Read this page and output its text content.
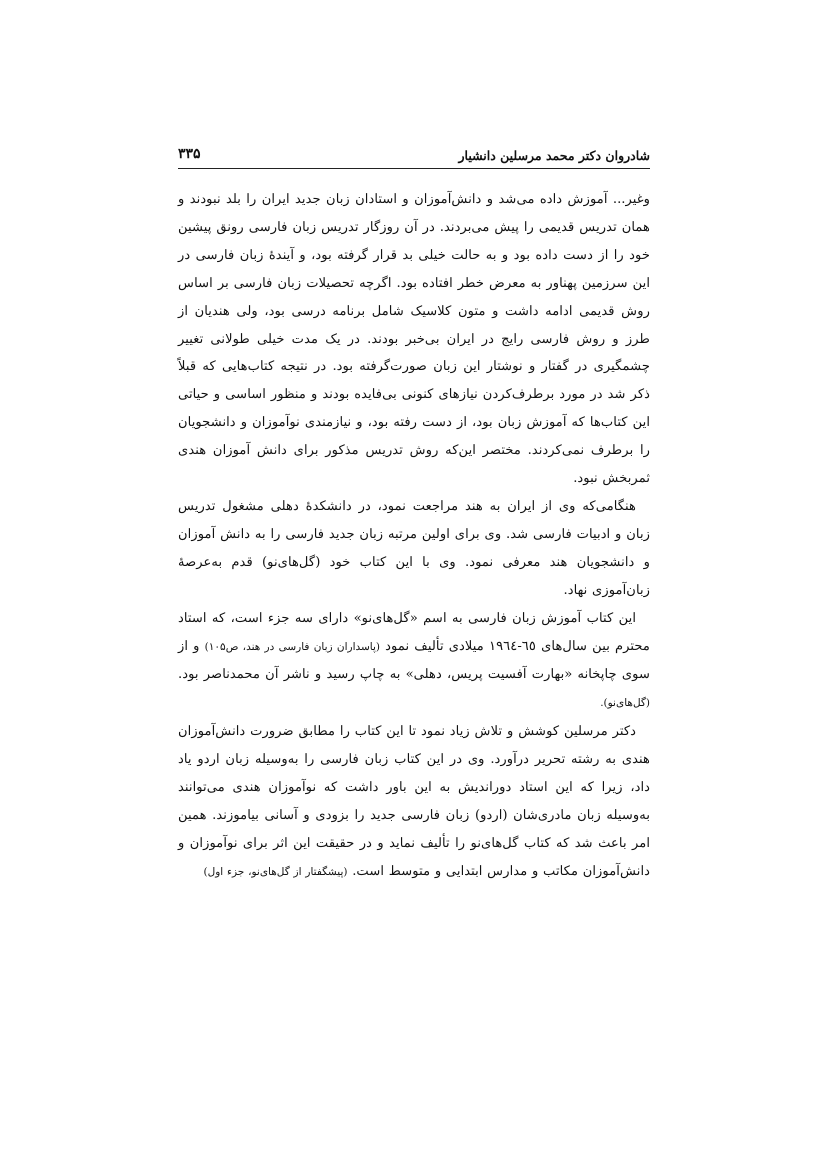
شادروان دکتر محمد مرسلین دانشیار
۳۳۵

وغیر... آموزش داده می‌شد و دانش‌آموزان و استادان زبان جدید ایران را بلد نبودند و همان تدریس قدیمی را پیش می‌بردند. در آن روزگار تدریس زبان فارسی رونق پیشین خود را از دست داده بود و به حالت خیلی بد قرار گرفته بود، و آیندهٔ زبان فارسی در این سرزمین پهناور به معرض خطر افتاده بود. اگرچه تحصیلات زبان فارسی بر اساس روش قدیمی ادامه داشت و متون کلاسیک شامل برنامه درسی بود، ولی هندیان از طرز و روش فارسی رایج در ایران بی‌خبر بودند. در یک مدت خیلی طولانی تغییر چشمگیری در گفتار و نوشتار این زبان صورت‌گرفته بود. در نتیجه کتاب‌هایی که قبلاً ذکر شد در مورد برطرف‌کردن نیازهای کنونی بی‌فایده بودند و منظور اساسی و حیاتی این کتاب‌ها که آموزش زبان بود، از دست رفته بود، و نیازمندی نوآموزان و دانشجویان را برطرف نمی‌کردند. مختصر این‌که روش تدریس مذکور برای دانش آموزان هندی ثمربخش نبود.

هنگامی‌که وی از ایران به هند مراجعت نمود، در دانشکدهٔ دهلی مشغول تدریس زبان و ادبیات فارسی شد. وی برای اولین مرتبه زبان جدید فارسی را به دانش آموزان و دانشجویان هند معرفی نمود. وی با این کتاب خود (گل‌های‌نو) قدم به‌عرصهٔ زبان‌آموزی نهاد.

این کتاب آموزش زبان فارسی به اسم «گل‌های‌نو» دارای سه جزء است، که استاد محترم بین سال‌های ٦٥-۱۹٦٤ میلادی تألیف نمود (پاسداران زبان فارسی در هند، ص۱۰۵) و از سوی چاپخانه «بهارت آفسیت پریس، دهلی» به چاپ رسید و ناشر آن محمدناصر بود. (گل‌های‌نو).

دکتر مرسلین کوشش و تلاش زیاد نمود تا این کتاب را مطابق ضرورت دانش‌آموزان هندی به رشته تحریر درآورد. وی در این کتاب زبان فارسی را به‌وسیله زبان اردو یاد داد، زیرا که این استاد دوراندیش به این باور داشت که نوآموزان هندی می‌توانند به‌وسیله زبان مادری‌شان (اردو) زبان فارسی جدید را بزودی و آسانی بیاموزند. همین امر باعث شد که کتاب گل‌های‌نو را تألیف نماید و در حقیقت این اثر برای نوآموزان و دانش‌آموزان مکاتب و مدارس ابتدایی و متوسط است. (پیشگفتار از گل‌های‌نو، جزء اول)
